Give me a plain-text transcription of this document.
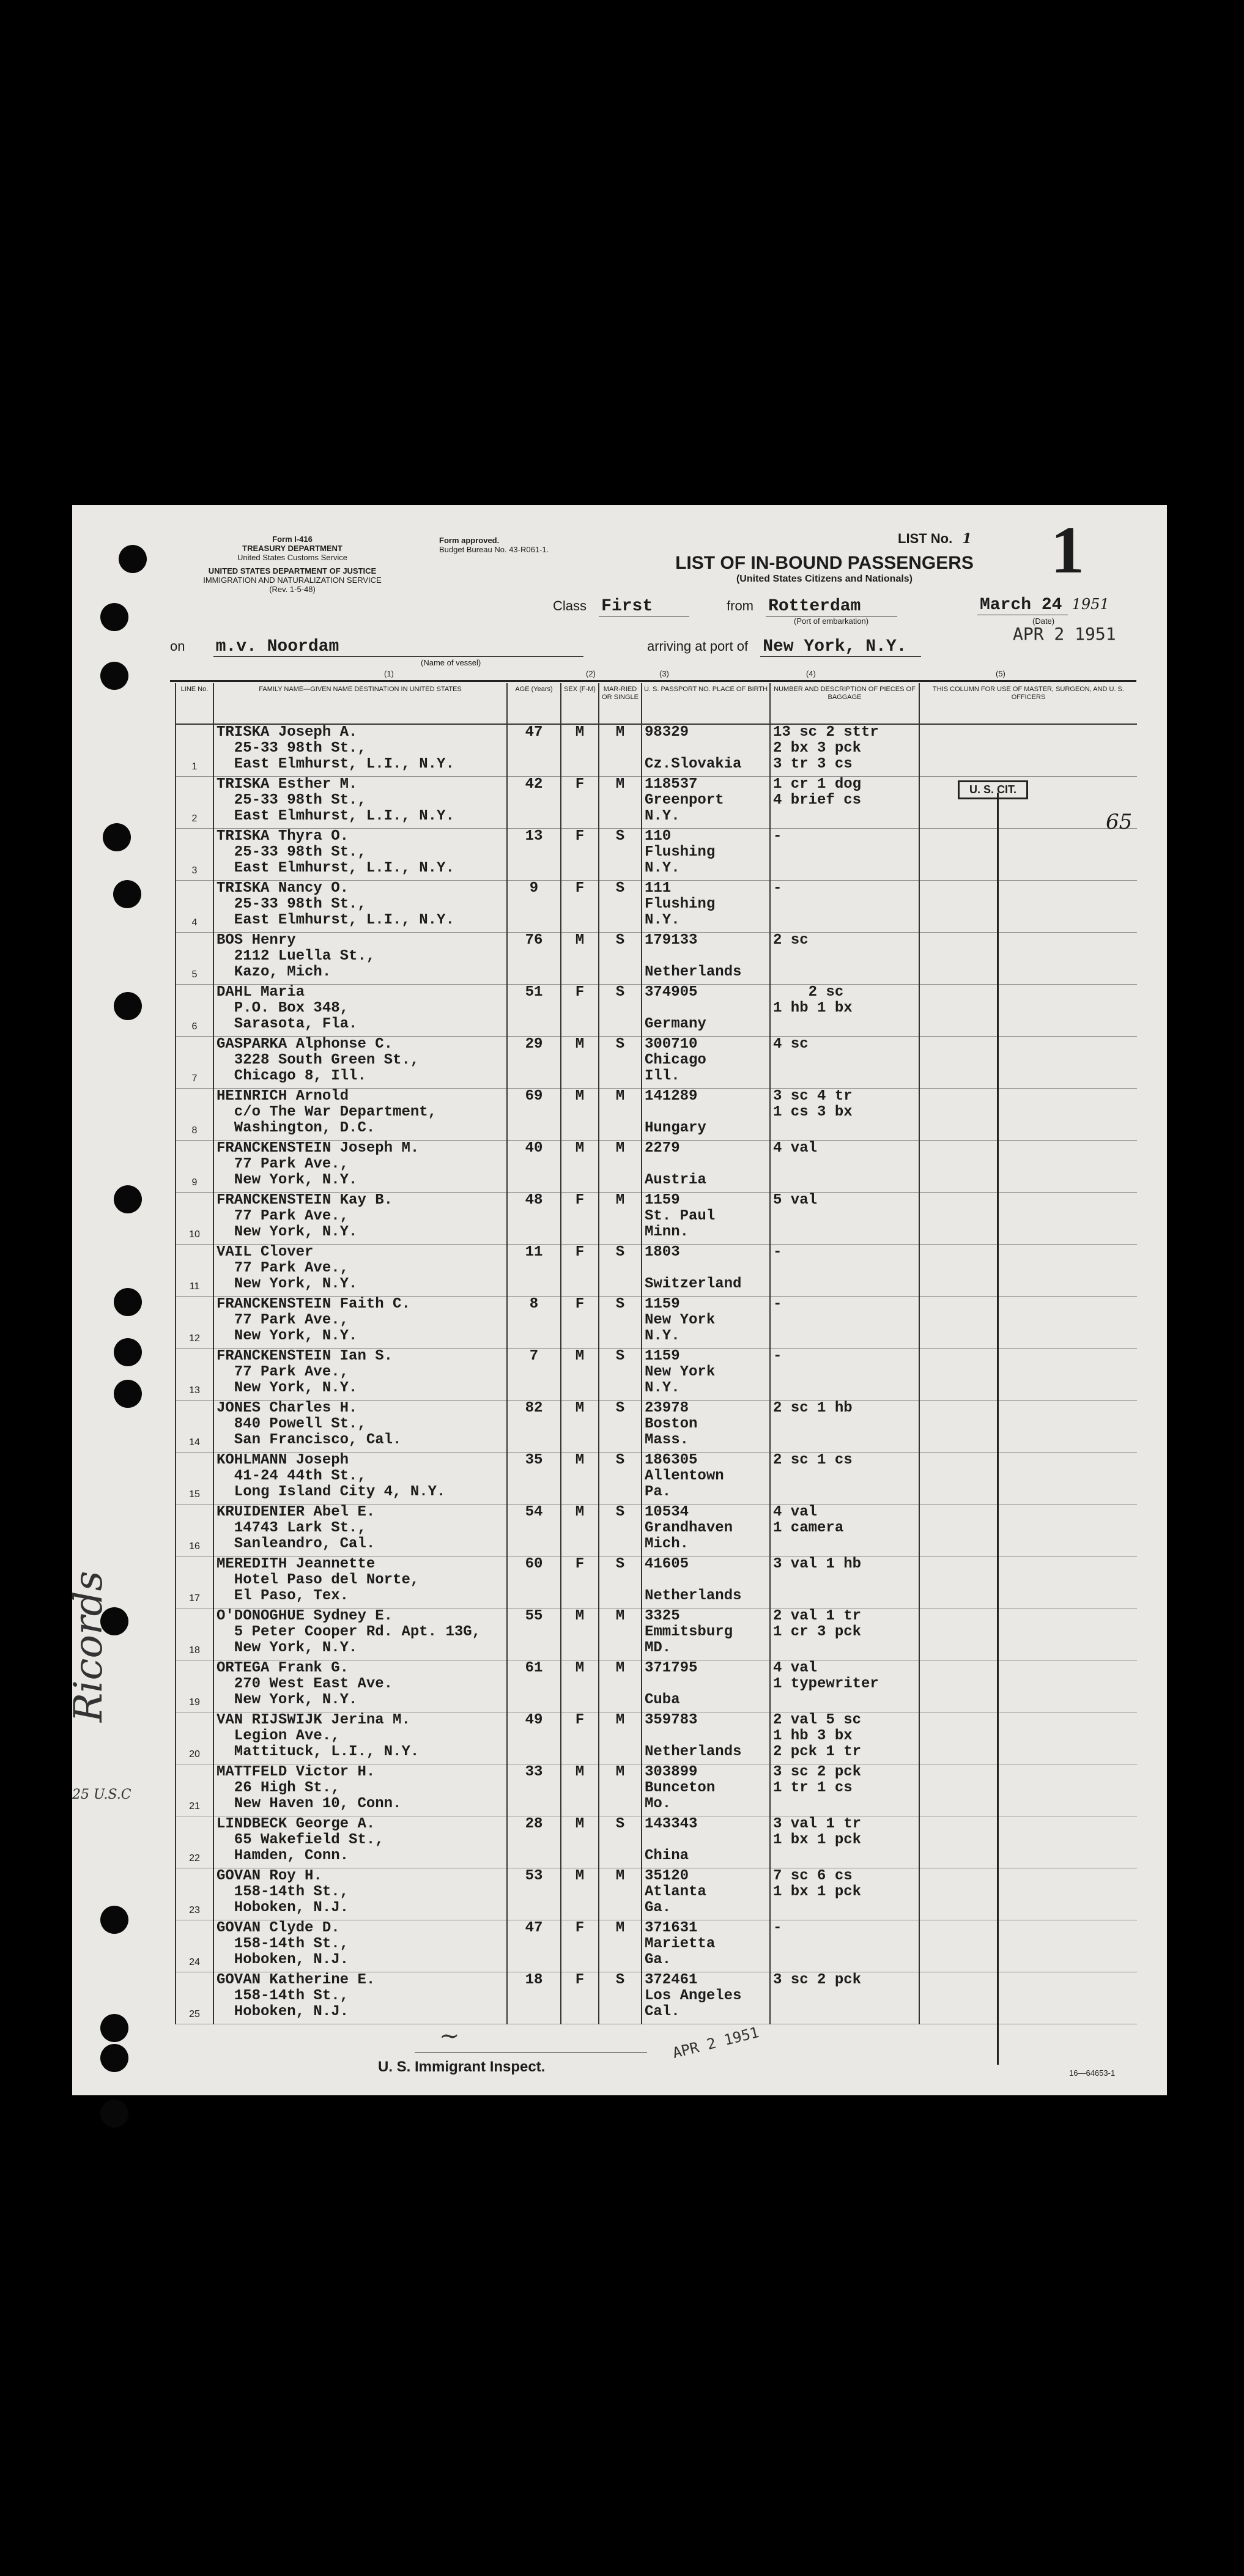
Form I-416
TREASURY DEPARTMENT
United States Customs Service
UNITED STATES DEPARTMENT OF JUSTICE
IMMIGRATION AND NATURALIZATION SERVICE
(Rev. 1-5-48)
Form approved.
Budget Bureau No. 43-R061-1.
LIST No. 1 1
LIST OF IN-BOUND PASSENGERS
(United States Citizens and Nationals)
Class First	from Rotterdam
(Port of embarkation)
March 24 1951
(Date)
on m.v. Noordam
(Name of vessel)
arriving at port of New York, N.Y.
APR 2 1951
(1)	(2)	(3)	(4)	(5)
LINE No.	FAMILY NAME—GIVEN NAME DESTINATION IN UNITED STATES	AGE (Years)	SEX (F-M)	MAR-RIED OR SINGLE	U. S. PASSPORT NO. PLACE OF BIRTH	NUMBER AND DESCRIPTION OF PIECES OF BAGGAGE	THIS COLUMN FOR USE OF MASTER, SURGEON, AND U. S. OFFICERS
1	TRISKA Joseph A.
25-33 98th St.,
East Elmhurst, L.I., N.Y.	47	M	M	98329

Cz.Slovakia	13 sc 2 sttr
2 bx 3 pck
3 tr 3 cs	
2	TRISKA Esther M.
25-33 98th St.,
East Elmhurst, L.I., N.Y.	42	F	M	118537
Greenport
N.Y.	1 cr 1 dog
4 brief cs	
3	TRISKA Thyra O.
25-33 98th St.,
East Elmhurst, L.I., N.Y.	13	F	S	110
Flushing
N.Y.	-	
4	TRISKA Nancy O.
25-33 98th St.,
East Elmhurst, L.I., N.Y.	9	F	S	111
Flushing
N.Y.	-	
5	BOS Henry
2112 Luella St.,
Kazo, Mich.	76	M	S	179133

Netherlands	2 sc	
6	DAHL Maria
P.O. Box 348,
Sarasota, Fla.	51	F	S	374905

Germany	2 sc
1 hb 1 bx	
7	GASPARKA Alphonse C.
3228 South Green St.,
Chicago 8, Ill.	29	M	S	300710
Chicago
Ill.	4 sc	
8	HEINRICH Arnold
c/o The War Department,
Washington, D.C.	69	M	M	141289

Hungary	3 sc 4 tr
1 cs 3 bx	
9	FRANCKENSTEIN Joseph M.
77 Park Ave.,
New York, N.Y.	40	M	M	2279

Austria	4 val	
10	FRANCKENSTEIN Kay B.
77 Park Ave.,
New York, N.Y.	48	F	M	1159
St. Paul
Minn.	5 val	
11	VAIL Clover
77 Park Ave.,
New York, N.Y.	11	F	S	1803

Switzerland	-	
12	FRANCKENSTEIN Faith C.
77 Park Ave.,
New York, N.Y.	8	F	S	1159
New York
N.Y.	-	
13	FRANCKENSTEIN Ian S.
77 Park Ave.,
New York, N.Y.	7	M	S	1159
New York
N.Y.	-	
14	JONES Charles H.
840 Powell St.,
San Francisco, Cal.	82	M	S	23978
Boston
Mass.	2 sc 1 hb	
15	KOHLMANN Joseph
41-24 44th St.,
Long Island City 4, N.Y.	35	M	S	186305
Allentown
Pa.	2 sc 1 cs	
16	KRUIDENIER Abel E.
14743 Lark St.,
Sanleandro, Cal.	54	M	S	10534
Grandhaven
Mich.	4 val
1 camera	
17	MEREDITH Jeannette
Hotel Paso del Norte,
El Paso, Tex.	60	F	S	41605

Netherlands	3 val 1 hb	
18	O'DONOGHUE Sydney E.
5 Peter Cooper Rd. Apt. 13G,
New York, N.Y.	55	M	M	3325
Emmitsburg
MD.	2 val 1 tr
1 cr 3 pck	
19	ORTEGA Frank G.
270 West East Ave.
New York, N.Y.	61	M	M	371795

Cuba	4 val
1 typewriter	
20	VAN RIJSWIJK Jerina M.
Legion Ave.,
Mattituck, L.I., N.Y.	49	F	M	359783

Netherlands	2 val 5 sc
1 hb 3 bx
2 pck 1 tr	
21	MATTFELD Victor H.
26 High St.,
New Haven 10, Conn.	33	M	M	303899
Bunceton
Mo.	3 sc 2 pck
1 tr 1 cs	
22	LINDBECK George A.
65 Wakefield St.,
Hamden, Conn.	28	M	S	143343

China	3 val 1 tr
1 bx 1 pck	
23	GOVAN Roy H.
158-14th St.,
Hoboken, N.J.	53	M	M	35120
Atlanta
Ga.	7 sc 6 cs
1 bx 1 pck	
24	GOVAN Clyde D.
158-14th St.,
Hoboken, N.J.	47	F	M	371631
Marietta
Ga.	-	
25	GOVAN Katherine E.
158-14th St.,
Hoboken, N.J.	18	F	S	372461
Los Angeles
Cal.	3 sc 2 pck	
U. S. CIT.
65
Ricords
25 U.S.C
~
U. S. Immigrant Inspect.
APR 2 1951
16—64653-1
